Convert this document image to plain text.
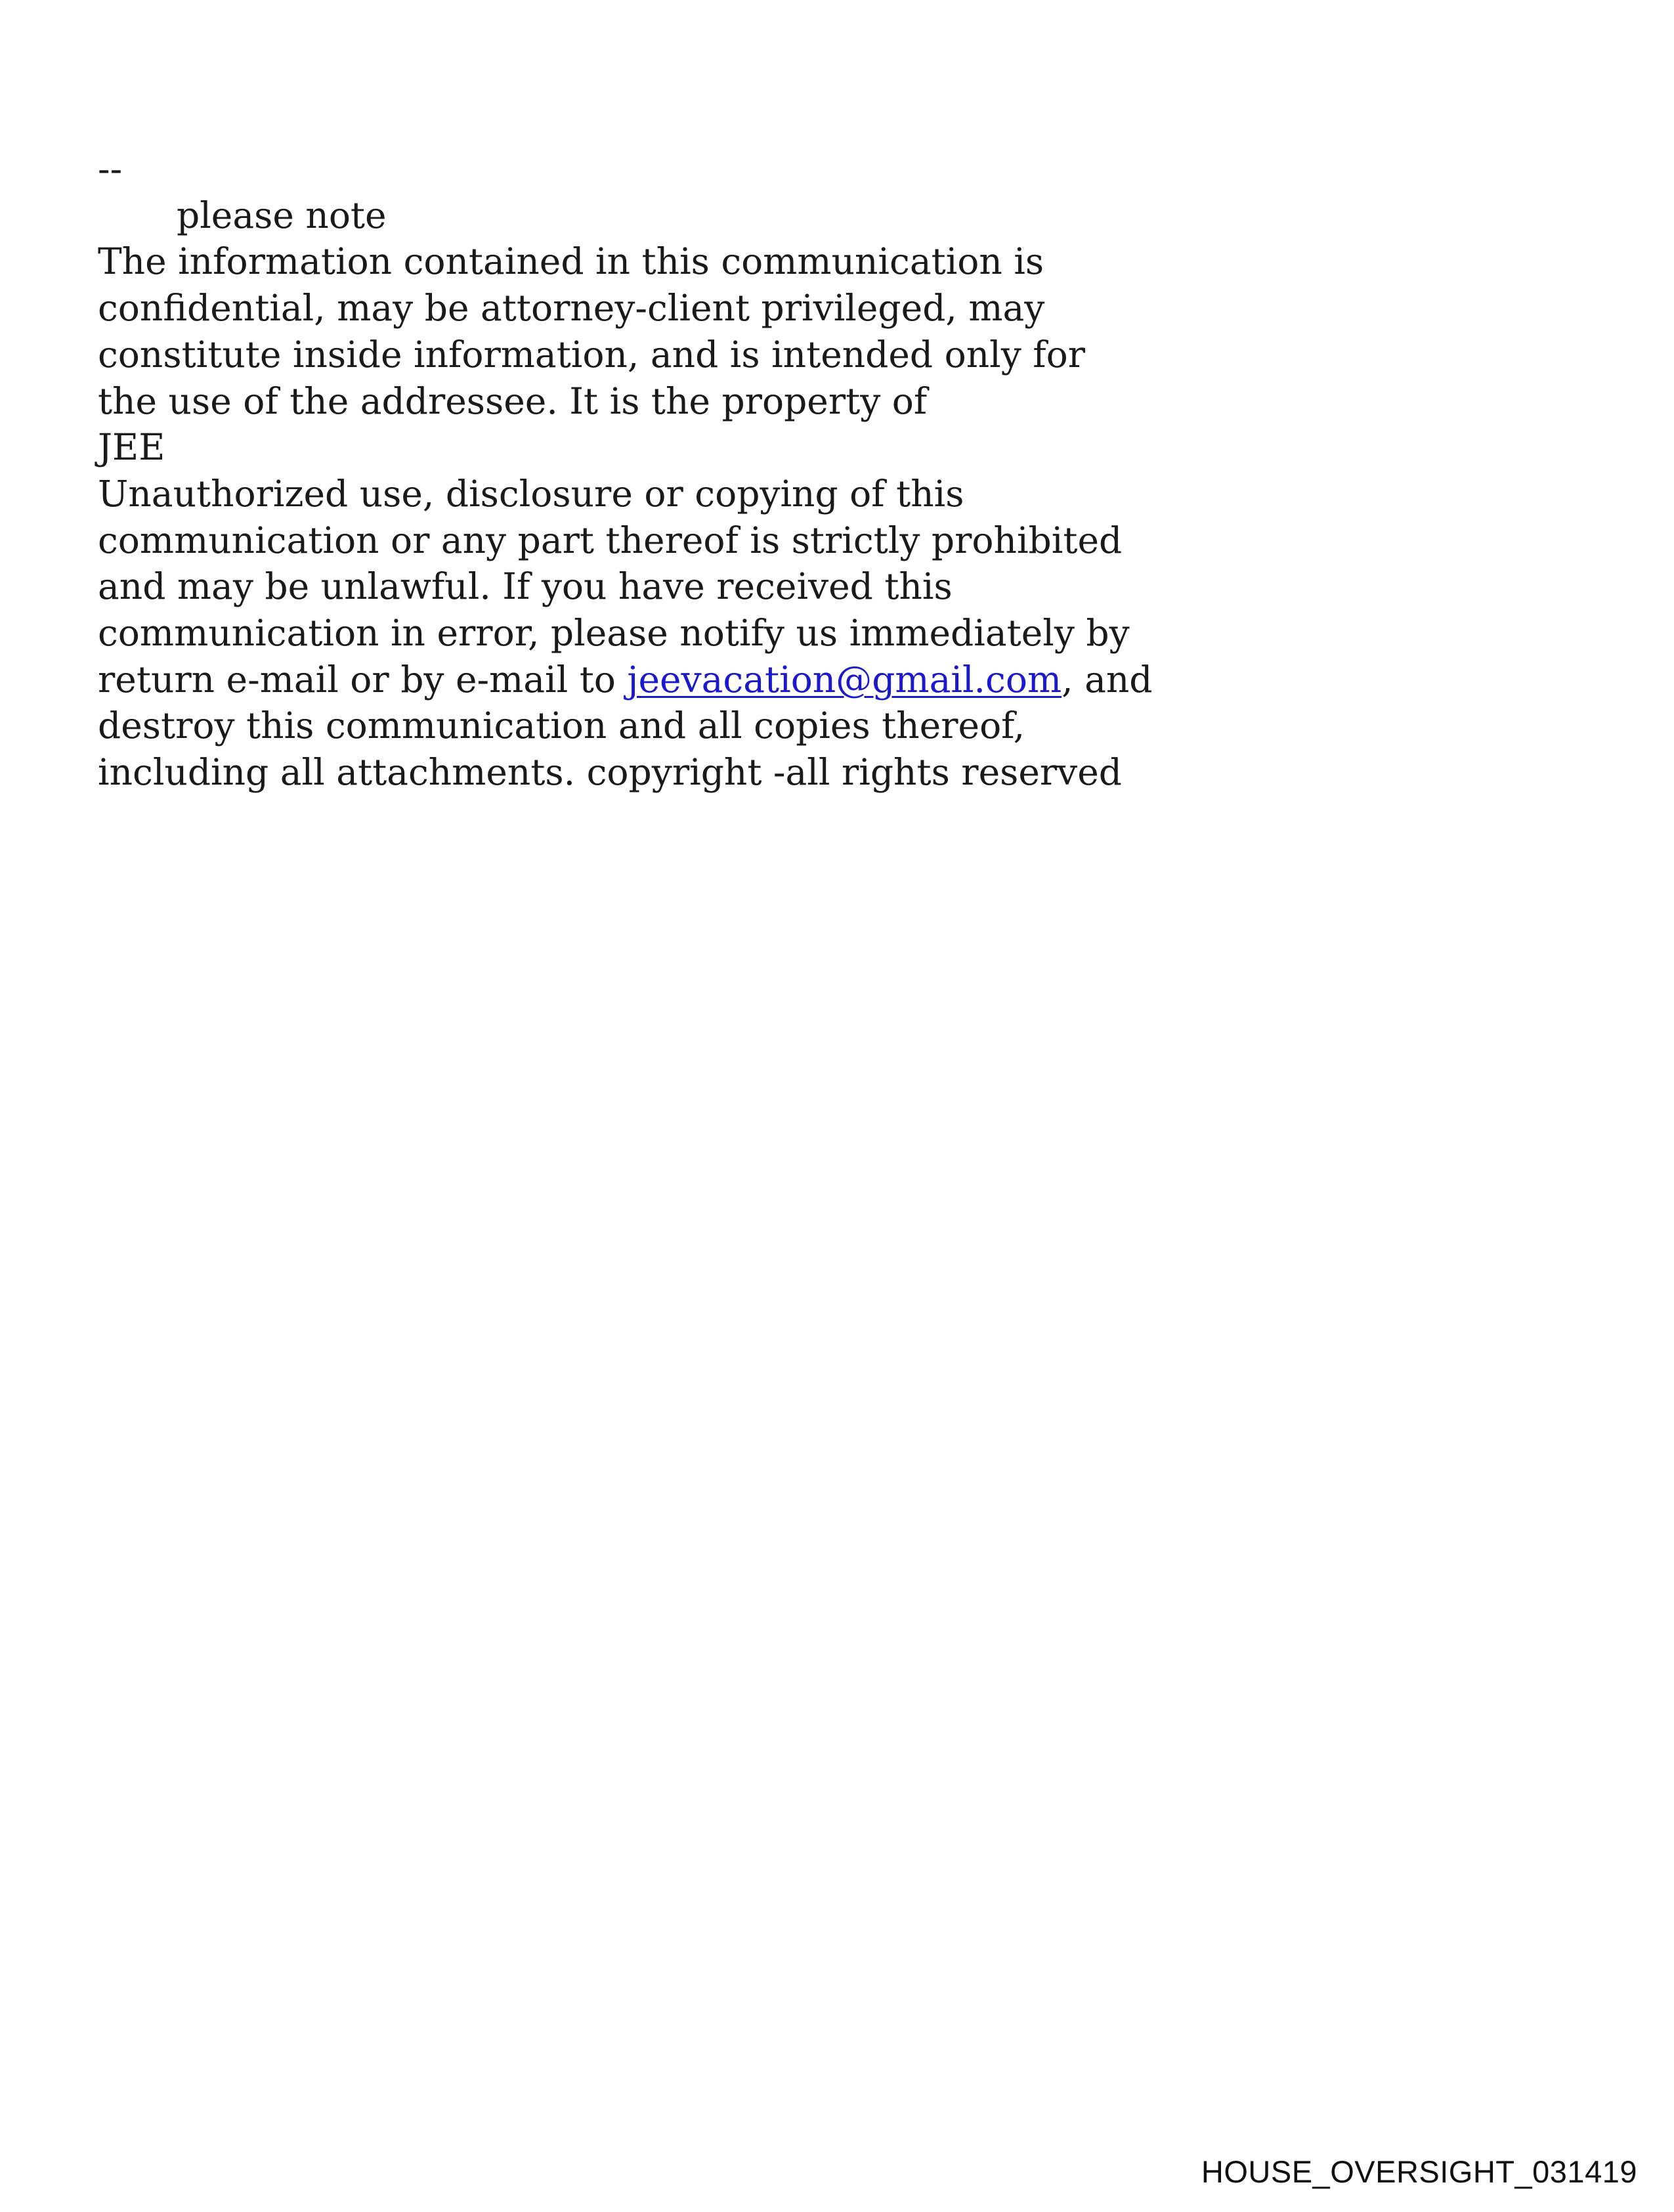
--
please note
The information contained in this communication is
confidential, may be attorney-client privileged, may
constitute inside information, and is intended only for
the use of the addressee. It is the property of
JEE
Unauthorized use, disclosure or copying of this
communication or any part thereof is strictly prohibited
and may be unlawful. If you have received this
communication in error, please notify us immediately by
return e-mail or by e-mail to jeevacation@gmail.com, and
destroy this communication and all copies thereof,
including all attachments. copyright -all rights reserved
HOUSE_OVERSIGHT_031419
